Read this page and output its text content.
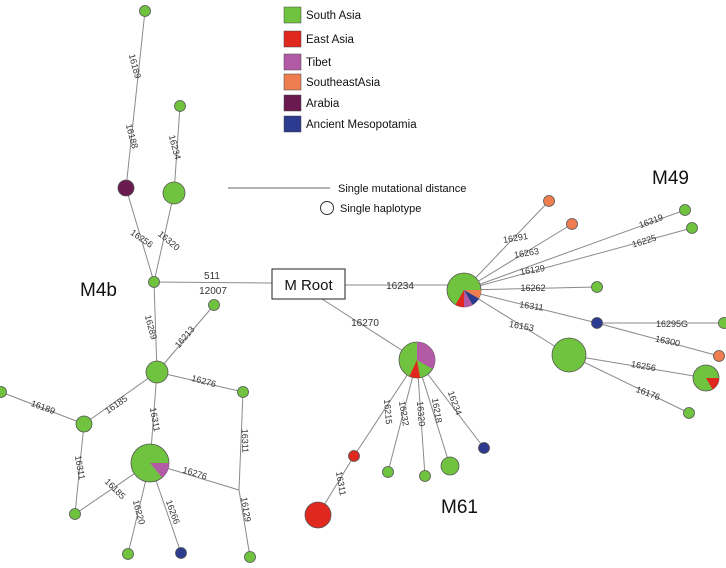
South Asia
East Asia
Tibet
SoutheastAsia
Arabia
Ancient Mesopotamia
Single mutational distance
Single haplotype
16189
16188	16234
16256 16320
16289 16213
16276
16185
16311
16189
16311
16311
16185
16220 16266
16276
16129
16319
16225
16291
16263
16129
16262
16311
16153	16295G
16300
16256
16176
16215 16232 16320 16218 16234
16311
511
12007	16234
16270
M Root
M4b
M49
M61
